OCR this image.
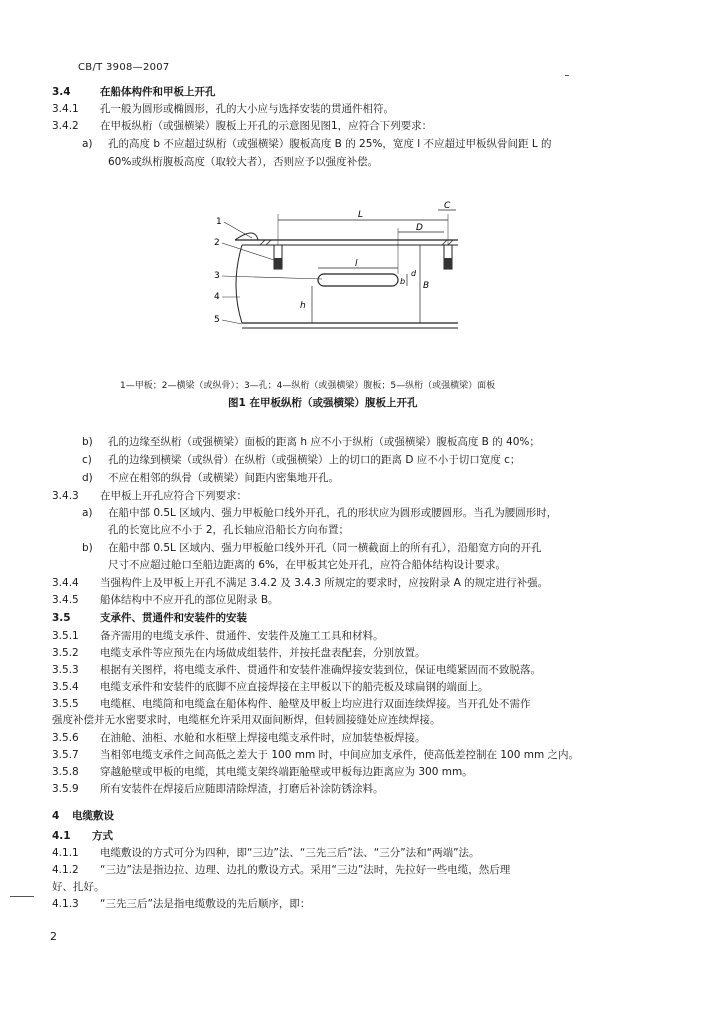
CB/T 3908—2007
3.4	在船体构件和甲板上开孔
3.4.1 孔一般为圆形或椭圆形，孔的大小应与选择安装的贯通件相符。
3.4.2 在甲板纵桁（或强横梁）腹板上开孔的示意图见图1，应符合下列要求：
a) 孔的高度 b 不应超过纵桁（或强横梁）腹板高度 B 的 25%，宽度 l 不应超过甲板纵骨间距 L 的
60%或纵桁腹板高度（取较大者），否则应予以强度补偿。
L
C
D
l
b
d
h
B
1
2
3
4
5
1—甲板；2—横梁（或纵骨）；3—孔；4—纵桁（或强横梁）腹板；5—纵桁（或强横梁）面板
图1 在甲板纵桁（或强横梁）腹板上开孔
b) 孔的边缘至纵桁（或强横梁）面板的距离 h 应不小于纵桁（或强横梁）腹板高度 B 的 40%；
c) 孔的边缘到横梁（或纵骨）在纵桁（或强横梁）上的切口的距离 D 应不小于切口宽度 c；
d) 不应在相邻的纵骨（或横梁）间距内密集地开孔。
3.4.3 在甲板上开孔应符合下列要求：
a) 在船中部 0.5L 区域内、强力甲板舱口线外开孔，孔的形状应为圆形或腰圆形。当孔为腰圆形时，
孔的长宽比应不小于 2，孔长轴应沿船长方向布置；
b) 在船中部 0.5L 区域内、强力甲板舱口线外开孔（同一横截面上的所有孔），沿船宽方向的开孔
尺寸不应超过舱口至船边距离的 6%，在甲板其它处开孔，应符合船体结构设计要求。
3.4.4 当强构件上及甲板上开孔不满足 3.4.2 及 3.4.3 所规定的要求时，应按附录 A 的规定进行补强。
3.4.5 船体结构中不应开孔的部位见附录 B。
3.5	支承件、贯通件和安装件的安装
3.5.1 备齐需用的电缆支承件、贯通件、安装件及施工工具和材料。
3.5.2 电缆支承件等应预先在内场做成组装件，并按托盘表配套，分别放置。
3.5.3 根据有关图样，将电缆支承件、贯通件和安装件准确焊接安装到位，保证电缆紧固而不致脱落。
3.5.4 电缆支承件和安装件的底脚不应直接焊接在主甲板以下的船壳板及球扁钢的端面上。
3.5.5 电缆框、电缆筒和电缆盒在船体构件、舱壁及甲板上均应进行双面连续焊接。当开孔处不需作
强度补偿并无水密要求时，电缆框允许采用双面间断焊，但转圆接缝处应连续焊接。
3.5.6 在油舱、油柜、水舱和水柜壁上焊接电缆支承件时，应加装垫板焊接。
3.5.7 当相邻电缆支承件之间高低之差大于 100 mm 时，中间应加支承件，使高低差控制在 100 mm 之内。
3.5.8 穿越舱壁或甲板的电缆，其电缆支架终端距舱壁或甲板每边距离应为 300 mm。
3.5.9 所有安装件在焊接后应随即清除焊渣，打磨后补涂防锈涂料。
4 电缆敷设
4.1 方式
4.1.1 电缆敷设的方式可分为四种，即“三边”法、“三先三后”法、“三分”法和“两端”法。
4.1.2 “三边”法是指边拉、边理、边扎的敷设方式。采用“三边”法时，先拉好一些电缆，然后理
好、扎好。
4.1.3 “三先三后”法是指电缆敷设的先后顺序，即：
2
